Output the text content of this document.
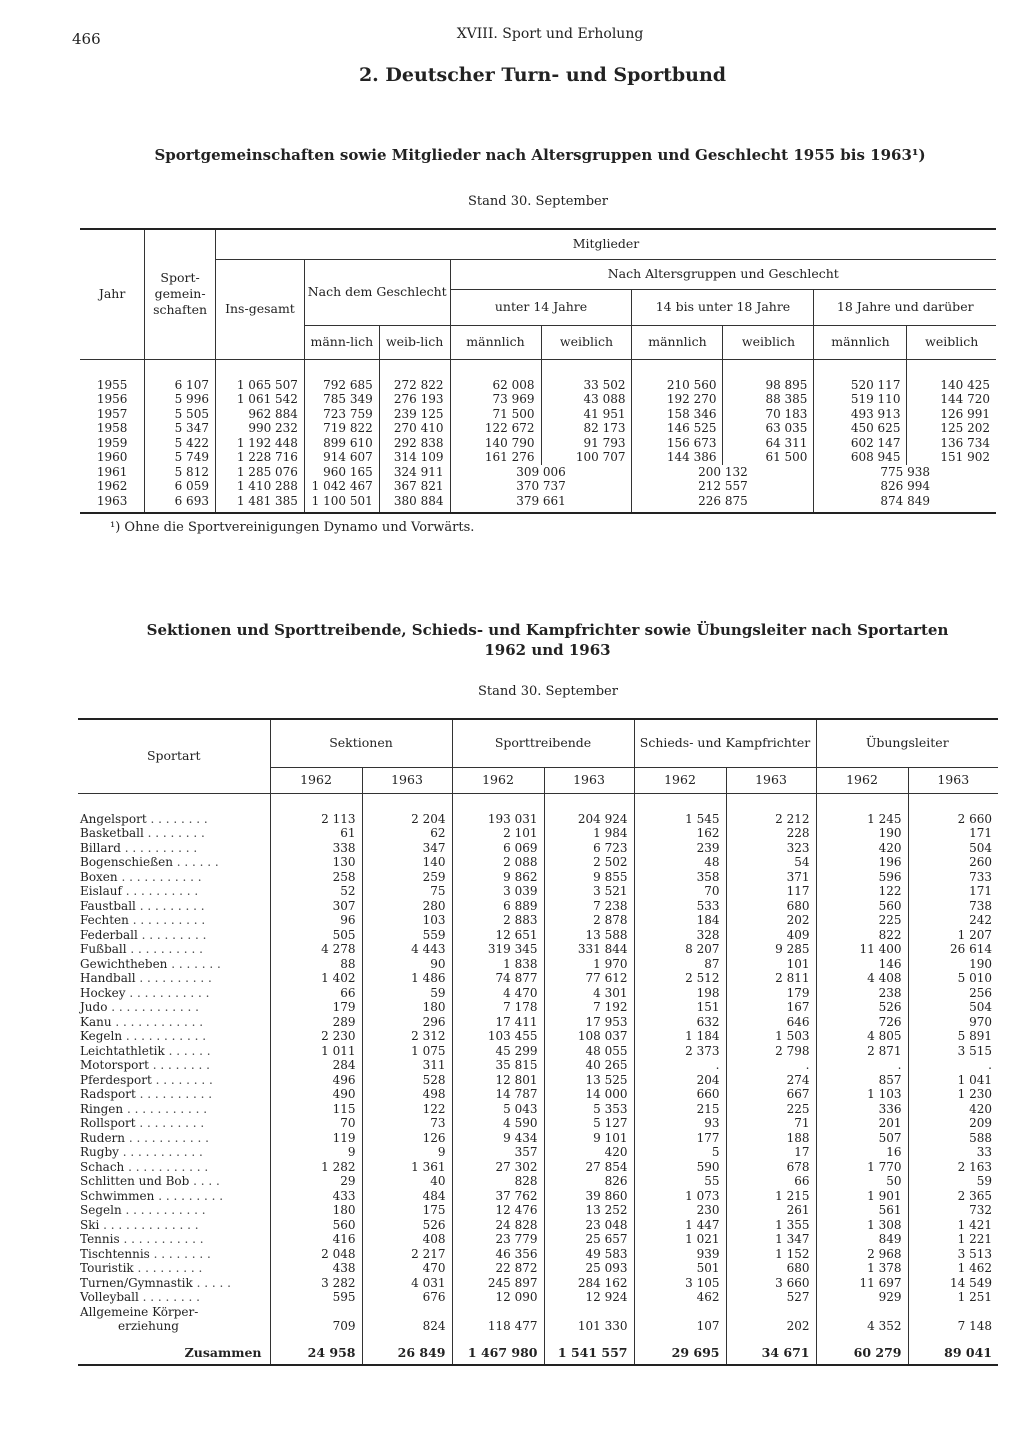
466	XVIII. Sport und Erholung
2. Deutscher Turn- und Sportbund
Sportgemeinschaften sowie Mitglieder nach Altersgruppen und Geschlecht 1955 bis 1963¹)
Stand 30. September
Jahr	Sport-gemein-schaften	Mitglieder								
		Ins-gesamt	Nach dem Geschlecht		Nach Altersgruppen und Geschlecht					
					unter 14 Jahre		14 bis unter 18 Jahre		18 Jahre und darüber	
			männ-lich	weib-lich	männlich	weiblich	männlich	weiblich	männlich	weiblich
1955	6 107	1 065 507	792 685	272 822	62 008	33 502	210 560	98 895	520 117	140 425
1956	5 996	1 061 542	785 349	276 193	73 969	43 088	192 270	88 385	519 110	144 720
1957	5 505	962 884	723 759	239 125	71 500	41 951	158 346	70 183	493 913	126 991
1958	5 347	990 232	719 822	270 410	122 672	82 173	146 525	63 035	450 625	125 202
1959	5 422	1 192 448	899 610	292 838	140 790	91 793	156 673	64 311	602 147	136 734
1960	5 749	1 228 716	914 607	314 109	161 276	100 707	144 386	61 500	608 945	151 902
1961	5 812	1 285 076	960 165	324 911	309 006		200 132		775 938	
1962	6 059	1 410 288	1 042 467	367 821	370 737		212 557		826 994	
1963	6 693	1 481 385	1 100 501	380 884	379 661		226 875		874 849	
¹) Ohne die Sportvereinigungen Dynamo und Vorwärts.
Sektionen und Sporttreibende, Schieds- und Kampfrichter sowie Übungsleiter nach Sportarten
1962 und 1963
Stand 30. September
Sportart	Sektionen		Sporttreibende		Schieds- und Kampfrichter		Übungsleiter	
	1962	1963	1962	1963	1962	1963	1962	1963
Angelsport . . . . . . . .	2 113	2 204	193 031	204 924	1 545	2 212	1 245	2 660
Basketball . . . . . . . .	61	62	2 101	1 984	162	228	190	171
Billard . . . . . . . . . .	338	347	6 069	6 723	239	323	420	504
Bogenschießen . . . . . .	130	140	2 088	2 502	48	54	196	260
Boxen . . . . . . . . . . .	258	259	9 862	9 855	358	371	596	733
Eislauf . . . . . . . . . .	52	75	3 039	3 521	70	117	122	171
Faustball . . . . . . . . .	307	280	6 889	7 238	533	680	560	738
Fechten . . . . . . . . . .	96	103	2 883	2 878	184	202	225	242
Federball . . . . . . . . .	505	559	12 651	13 588	328	409	822	1 207
Fußball . . . . . . . . . .	4 278	4 443	319 345	331 844	8 207	9 285	11 400	26 614
Gewichtheben . . . . . . .	88	90	1 838	1 970	87	101	146	190
Handball . . . . . . . . . .	1 402	1 486	74 877	77 612	2 512	2 811	4 408	5 010
Hockey . . . . . . . . . . .	66	59	4 470	4 301	198	179	238	256
Judo . . . . . . . . . . . .	179	180	7 178	7 192	151	167	526	504
Kanu . . . . . . . . . . . .	289	296	17 411	17 953	632	646	726	970
Kegeln . . . . . . . . . . .	2 230	2 312	103 455	108 037	1 184	1 503	4 805	5 891
Leichtathletik . . . . . .	1 011	1 075	45 299	48 055	2 373	2 798	2 871	3 515
Motorsport . . . . . . . .	284	311	35 815	40 265	.	.	.	.
Pferdesport . . . . . . . .	496	528	12 801	13 525	204	274	857	1 041
Radsport . . . . . . . . . .	490	498	14 787	14 000	660	667	1 103	1 230
Ringen . . . . . . . . . . .	115	122	5 043	5 353	215	225	336	420
Rollsport . . . . . . . . .	70	73	4 590	5 127	93	71	201	209
Rudern . . . . . . . . . . .	119	126	9 434	9 101	177	188	507	588
Rugby . . . . . . . . . . .	9	9	357	420	5	17	16	33
Schach . . . . . . . . . . .	1 282	1 361	27 302	27 854	590	678	1 770	2 163
Schlitten und Bob . . . .	29	40	828	826	55	66	50	59
Schwimmen . . . . . . . . .	433	484	37 762	39 860	1 073	1 215	1 901	2 365
Segeln . . . . . . . . . . .	180	175	12 476	13 252	230	261	561	732
Ski . . . . . . . . . . . . .	560	526	24 828	23 048	1 447	1 355	1 308	1 421
Tennis . . . . . . . . . . .	416	408	23 779	25 657	1 021	1 347	849	1 221
Tischtennis . . . . . . . .	2 048	2 217	46 356	49 583	939	1 152	2 968	3 513
Touristik . . . . . . . . .	438	470	22 872	25 093	501	680	1 378	1 462
Turnen/Gymnastik . . . . .	3 282	4 031	245 897	284 162	3 105	3 660	11 697	14 549
Volleyball . . . . . . . .	595	676	12 090	12 924	462	527	929	1 251
Allgemeine Körper-								
erziehung	709	824	118 477	101 330	107	202	4 352	7 148
Zusammen	24 958	26 849	1 467 980	1 541 557	29 695	34 671	60 279	89 041
